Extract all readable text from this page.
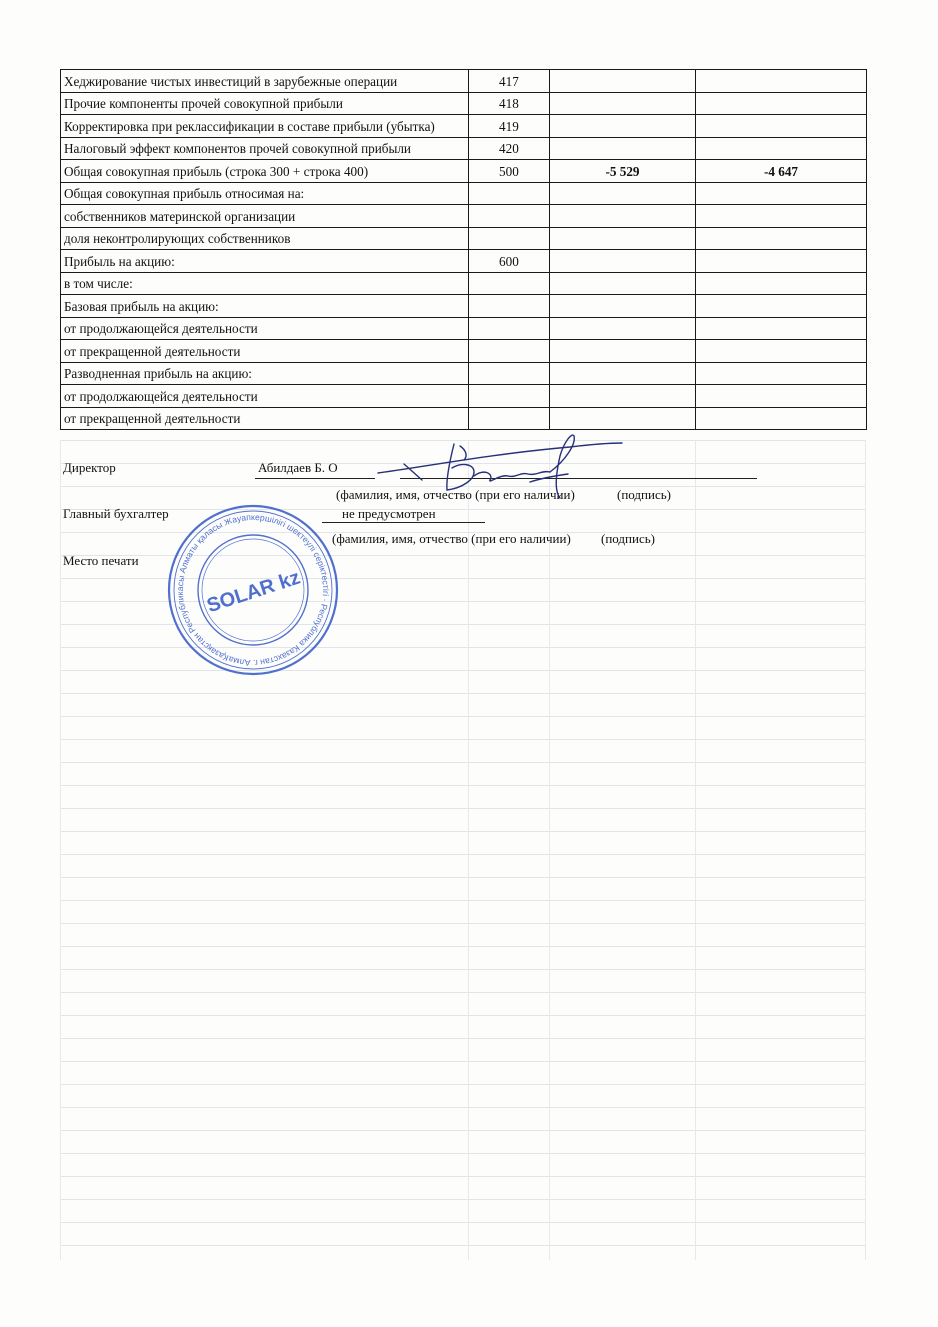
Хеджирование чистых инвестиций в зарубежные операции	417		
Прочие компоненты прочей совокупной прибыли	418		
Корректировка при реклассификации в составе прибыли (убытка)	419		
Налоговый эффект компонентов прочей совокупной прибыли	420		
Общая совокупная прибыль (строка 300 + строка 400)	500	-5 529	-4 647
Общая совокупная прибыль относимая на:			
собственников материнской организации			
доля неконтролирующих собственников			
Прибыль на акцию:	600		
в том числе:			
Базовая прибыль на акцию:			
от продолжающейся деятельности			
от прекращенной деятельности			
Разводненная прибыль на акцию:			
от продолжающейся деятельности			
от прекращенной деятельности			
Директор	Абилдаев Б. О
(фамилия, имя, отчество (при его наличии)	(подпись)
Главный бухгалтер	не предусмотрен
(фамилия, имя, отчество (при его наличии) (подпись)
Место печати
Қазақстан Республикасы Алматы қаласы Жауапкершілігі шектеулі серіктестігі · Республика Казахстан г. Алматы
SOLAR kz
